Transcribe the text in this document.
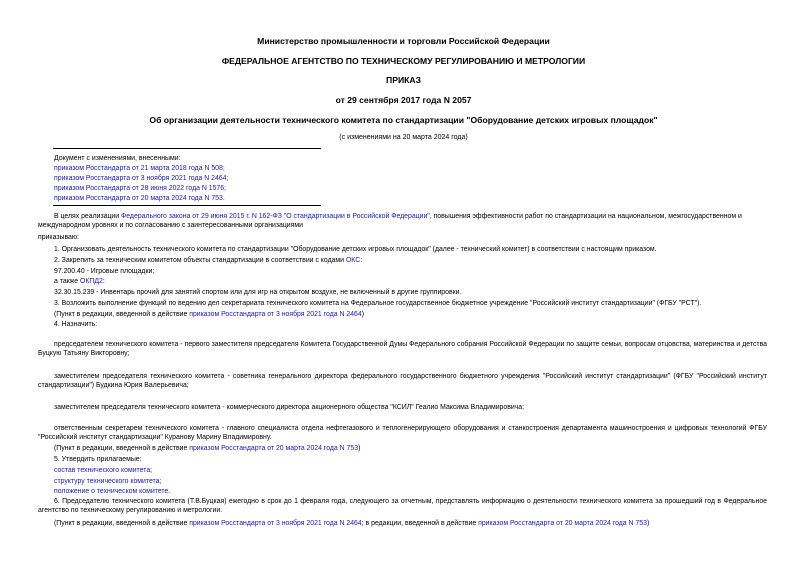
Министерство промышленности и торговли Российской Федерации
ФЕДЕРАЛЬНОЕ АГЕНТСТВО ПО ТЕХНИЧЕСКОМУ РЕГУЛИРОВАНИЮ И МЕТРОЛОГИИ
ПРИКАЗ
от 29 сентября 2017 года N 2057
Об организации деятельности технического комитета по стандартизации "Оборудование детских игровых площадок"
(с изменениями на 20 марта 2024 года)
Документ с изменениями, внесенными:
приказом Росстандарта от 21 марта 2018 года N 508;
приказом Росстандарта от 3 ноября 2021 года N 2464;
приказом Росстандарта от 28 июня 2022 года N 1576;
приказом Росстандарта от 20 марта 2024 года N 753.
В целях реализации Федерального закона от 29 июня 2015 г. N 162-ФЗ "О стандартизации в Российской Федерации", повышения эффективности работ по стандартизации на национальном, межгосударственном и международном уровнях и по согласованию с заинтересованными организациями
приказываю:
1. Организовать деятельность технического комитета по стандартизации "Оборудование детских игровых площадок" (далее - технический комитет) в соответствии с настоящим приказом.
2. Закрепить за техническим комитетом объекты стандартизации в соответствии с кодами ОКС:
97.200.40 - Игровые площадки;
а также ОКПД2:
32.30.15.239 - Инвентарь прочий для занятий спортом или для игр на открытом воздухе, не включенный в другие группировки.
3. Возложить выполнение функций по ведению дел секретариата технического комитета на Федеральное государственное бюджетное учреждение "Российский институт стандартизации" (ФГБУ "РСТ").
(Пункт в редакции, введенной в действие приказом Росстандарта от 3 ноября 2021 года N 2464)
4. Назначить:
председателем технического комитета - первого заместителя председателя Комитета Государственной Думы Федерального собрания Российской Федерации по защите семьи, вопросам отцовства, материнства и детства Буцкую Татьяну Викторовну;
заместителем председателя технического комитета - советника генерального директора федерального государственного бюджетного учреждения "Российский институт стандартизации" (ФГБУ "Российский институт стандартизации") Будкина Юрия Валерьевича;
заместителем председателя технического комитета - коммерческого директора акционерного общества "КСИЛ" Геалио Максима Владимировича;
ответственным секретарем технического комитета - главного специалиста отдела нефтегазового и теплогенерирующего оборудования и станкостроения департамента машиностроения и цифровых технологий ФГБУ "Российский институт стандартизации" Куранову Марину Владимировну.
(Пункт в редакции, введенной в действие приказом Росстандарта от 20 марта 2024 года N 753)
5. Утвердить прилагаемые:
состав технического комитета;
структуру технического комитета;
положение о техническом комитете.
6. Председателю технического комитета (Т.В.Буцкая) ежегодно в срок до 1 февраля года, следующего за отчетным, представлять информацию о деятельности технического комитета за прошедший год в Федеральное агентство по техническому регулированию и метрологии.
(Пункт в редакции, введенной в действие приказом Росстандарта от 3 ноября 2021 года N 2464; в редакции, введенной в действие приказом Росстандарта от 20 марта 2024 года N 753)
